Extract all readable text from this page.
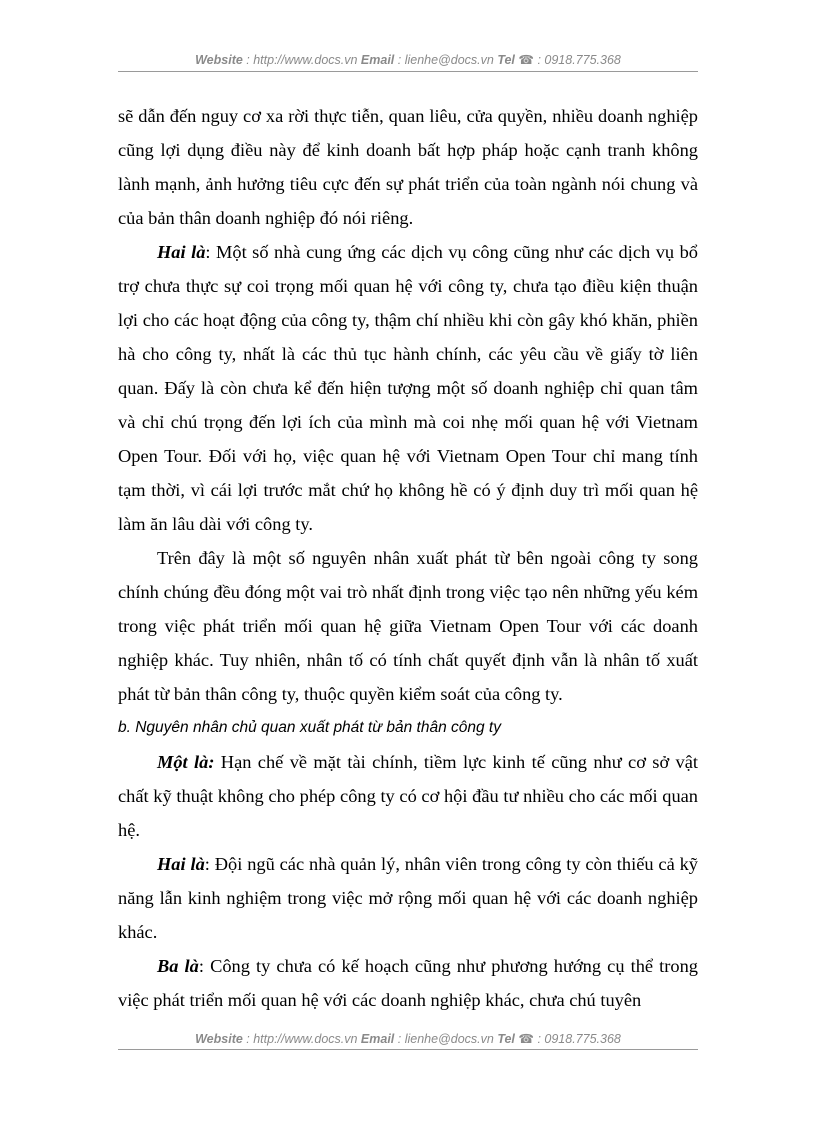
Website : http://www.docs.vn Email : lienhe@docs.vn Tel ☎ : 0918.775.368

sẽ dẫn đến nguy cơ xa rời thực tiễn, quan liêu, cửa quyền, nhiều doanh nghiệp cũng lợi dụng điều này để kinh doanh bất hợp pháp hoặc cạnh tranh không lành mạnh, ảnh hưởng tiêu cực đến sự phát triển của toàn ngành nói chung và của bản thân doanh nghiệp đó nói riêng.

Hai là: Một số nhà cung ứng các dịch vụ công cũng như các dịch vụ bổ trợ chưa thực sự coi trọng mối quan hệ với công ty, chưa tạo điều kiện thuận lợi cho các hoạt động của công ty, thậm chí nhiều khi còn gây khó khăn, phiền hà cho công ty, nhất là các thủ tục hành chính, các yêu cầu về giấy tờ liên quan. Đấy là còn chưa kể đến hiện tượng một số doanh nghiệp chỉ quan tâm và chỉ chú trọng đến lợi ích của mình mà coi nhẹ mối quan hệ với Vietnam Open Tour. Đối với họ, việc quan hệ với Vietnam Open Tour chỉ mang tính tạm thời, vì cái lợi trước mắt chứ họ không hề có ý định duy trì mối quan hệ làm ăn lâu dài với công ty.

Trên đây là một số nguyên nhân xuất phát từ bên ngoài công ty song chính chúng đều đóng một vai trò nhất định trong việc tạo nên những yếu kém trong việc phát triển mối quan hệ giữa Vietnam Open Tour với các doanh nghiệp khác. Tuy nhiên, nhân tố có tính chất quyết định vẫn là nhân tố xuất phát từ bản thân công ty, thuộc quyền kiểm soát của công ty.

b. Nguyên nhân chủ quan xuất phát từ bản thân công ty

Một là: Hạn chế về mặt tài chính, tiềm lực kinh tế cũng như cơ sở vật chất kỹ thuật không cho phép công ty có cơ hội đầu tư nhiều cho các mối quan hệ.

Hai là: Đội ngũ các nhà quản lý, nhân viên trong công ty còn thiếu cả kỹ năng lẫn kinh nghiệm trong việc mở rộng mối quan hệ với các doanh nghiệp khác.

Ba là: Công ty chưa có kế hoạch cũng như phương hướng cụ thể trong việc phát triển mối quan hệ với các doanh nghiệp khác, chưa chú tuyên

Website : http://www.docs.vn Email : lienhe@docs.vn Tel ☎ : 0918.775.368
